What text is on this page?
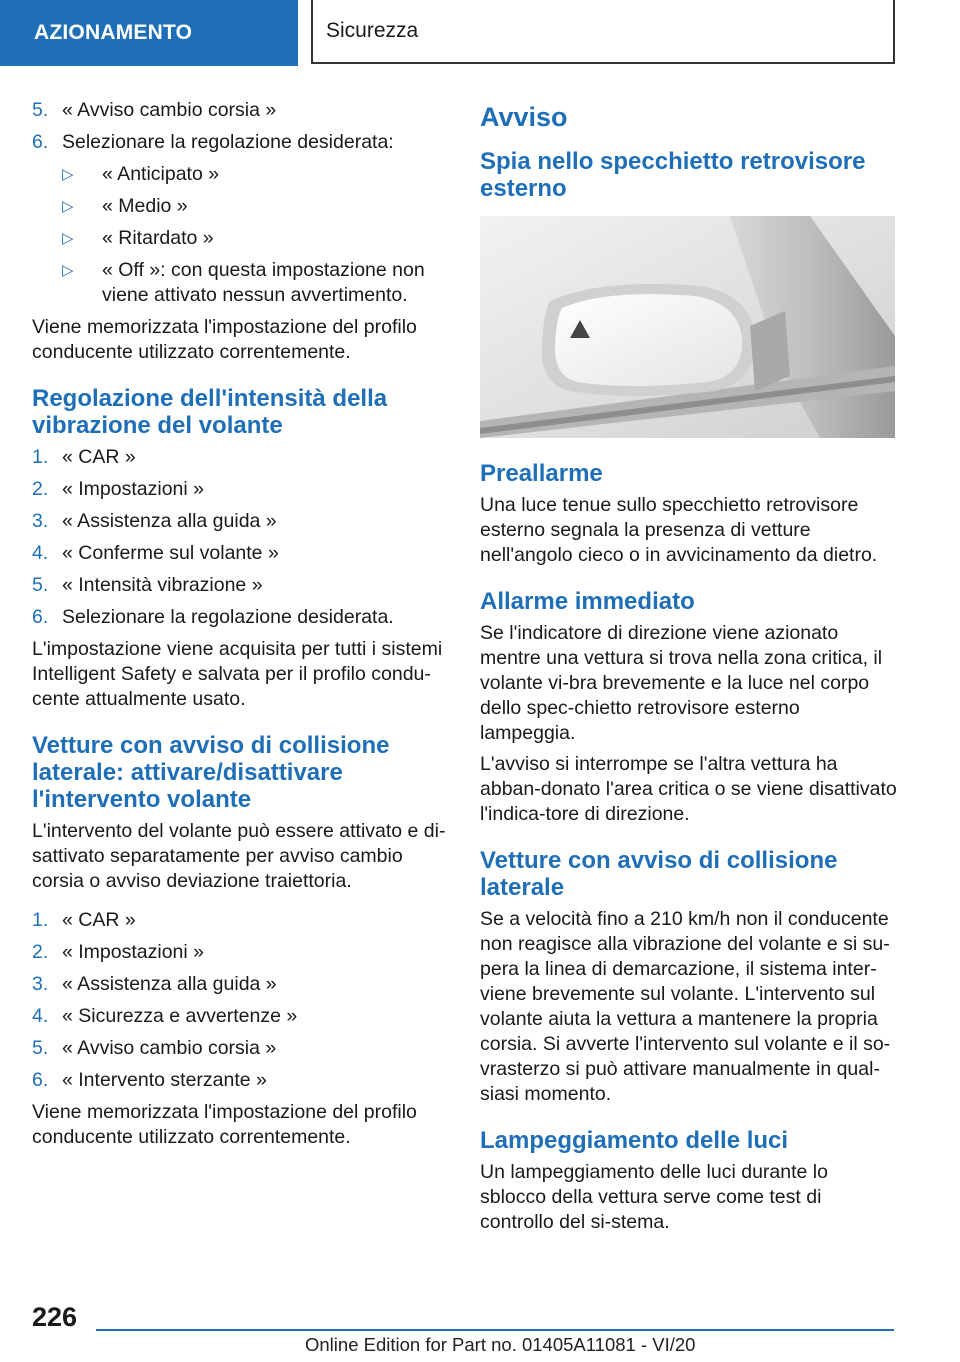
AZIONAMENTO	Sicurezza
5. « Avviso cambio corsia »
6. Selezionare la regolazione desiderata:
▷ « Anticipato »
▷ « Medio »
▷ « Ritardato »
▷ « Off »: con questa impostazione non viene attivato nessun avvertimento.

Viene memorizzata l'impostazione del profilo conducente utilizzato correntemente.

Regolazione dell'intensità della vibrazione del volante
1. « CAR »
2. « Impostazioni »
3. « Assistenza alla guida »
4. « Conferme sul volante »
5. « Intensità vibrazione »
6. Selezionare la regolazione desiderata.

L'impostazione viene acquisita per tutti i sistemi Intelligent Safety e salvata per il profilo condu-cente attualmente usato.

Vetture con avviso di collisione laterale: attivare/disattivare l'intervento volante

L'intervento del volante può essere attivato e di-sattivato separatamente per avviso cambio corsia o avviso deviazione traiettoria.

1. « CAR »
2. « Impostazioni »
3. « Assistenza alla guida »
4. « Sicurezza e avvertenze »
5. « Avviso cambio corsia »
6. « Intervento sterzante »

Viene memorizzata l'impostazione del profilo conducente utilizzato correntemente.

Avviso
Spia nello specchietto retrovisore esterno
Preallarme

Una luce tenue sullo specchietto retrovisore esterno segnala la presenza di vetture nell'angolo cieco o in avvicinamento da dietro.

Allarme immediato

Se l'indicatore di direzione viene azionato mentre una vettura si trova nella zona critica, il volante vi-bra brevemente e la luce nel corpo dello spec-chietto retrovisore esterno lampeggia.

L'avviso si interrompe se l'altra vettura ha abban-donato l'area critica o se viene disattivato l'indica-tore di direzione.

Vetture con avviso di collisione laterale

Se a velocità fino a 210 km/h non il conducente non reagisce alla vibrazione del volante e si su-pera la linea di demarcazione, il sistema inter-viene brevemente sul volante. L'intervento sul volante aiuta la vettura a mantenere la propria corsia. Si avverte l'intervento sul volante e il so-vrasterzo si può attivare manualmente in qual-siasi momento.

Lampeggiamento delle luci

Un lampeggiamento delle luci durante lo sblocco della vettura serve come test di controllo del si-stema.

226
Online Edition for Part no. 01405A11081 - VI/20
